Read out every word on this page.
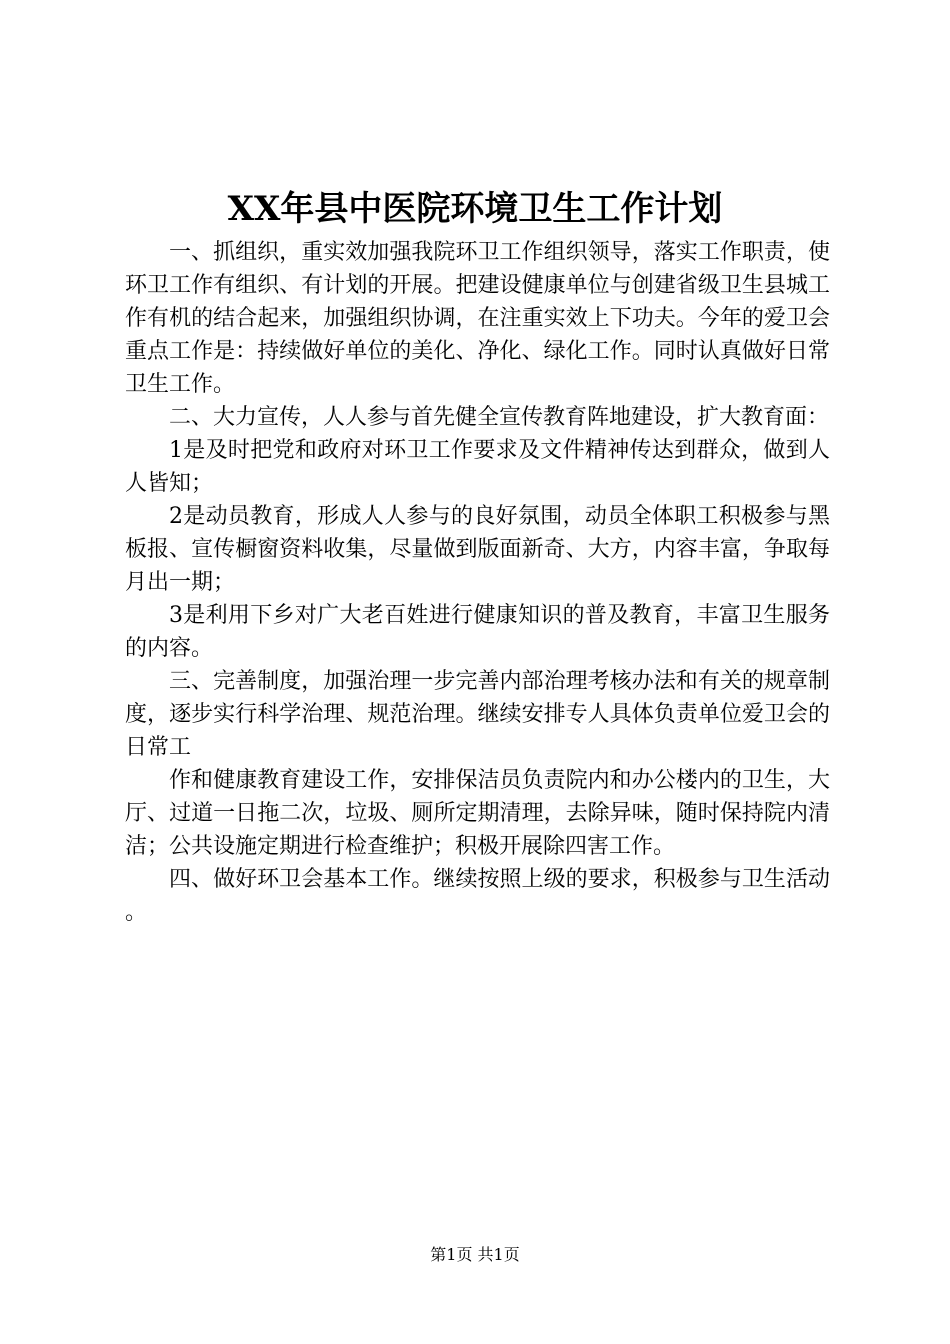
XX年县中医院环境卫生工作计划

一、抓组织，重实效加强我院环卫工作组织领导，落实工作职责，使环卫工作有组织、有计划的开展。把建设健康单位与创建省级卫生县城工作有机的结合起来，加强组织协调，在注重实效上下功夫。今年的爱卫会重点工作是：持续做好单位的美化、净化、绿化工作。同时认真做好日常卫生工作。

二、大力宣传，人人参与首先健全宣传教育阵地建设，扩大教育面：

1是及时把党和政府对环卫工作要求及文件精神传达到群众，做到人人皆知；

2是动员教育，形成人人参与的良好氛围，动员全体职工积极参与黑板报、宣传橱窗资料收集，尽量做到版面新奇、大方，内容丰富，争取每月出一期；

3是利用下乡对广大老百姓进行健康知识的普及教育，丰富卫生服务的内容。

三、完善制度，加强治理一步完善内部治理考核办法和有关的规章制度，逐步实行科学治理、规范治理。继续安排专人具体负责单位爱卫会的日常工

作和健康教育建设工作，安排保洁员负责院内和办公楼内的卫生，大厅、过道一日拖二次，垃圾、厕所定期清理，去除异味，随时保持院内清洁；公共设施定期进行检查维护；积极开展除四害工作。

四、做好环卫会基本工作。继续按照上级的要求，积极参与卫生活动。

第1页 共1页
